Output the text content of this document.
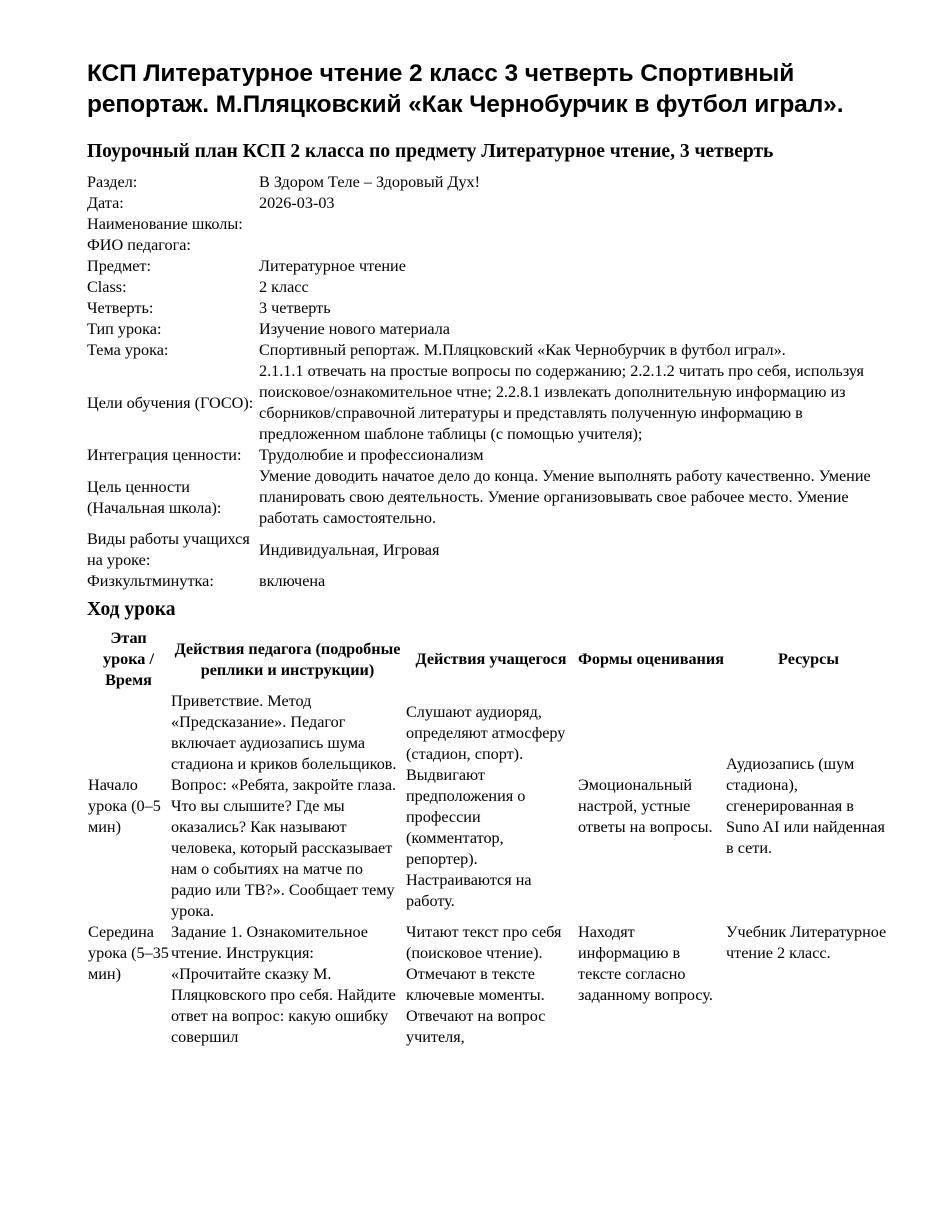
КСП Литературное чтение 2 класс 3 четверть Спортивный репортаж. М.Пляцковский «Как Чернобурчик в футбол играл».
Поурочный план КСП 2 класса по предмету Литературное чтение, 3 четверть
Раздел:	В Здором Теле – Здоровый Дух!
Дата:	2026-03-03
Наименование школы:	
ФИО педагога:	
Предмет:	Литературное чтение
Class:	2 класс
Четверть:	3 четверть
Тип урока:	Изучение нового материала
Тема урока:	Спортивный репортаж. М.Пляцковский «Как Чернобурчик в футбол играл».
Цели обучения (ГОСО):	2.1.1.1 отвечать на простые вопросы по содержанию; 2.2.1.2 читать про себя, используя поисковое/ознакомительное чтне; 2.2.8.1 извлекать дополнительную информацию из сборников/справочной литературы и представлять полученную информацию в предложенном шаблоне таблицы (с помощью учителя);
Интеграция ценности:	Трудолюбие и профессионализм
Цель ценности (Начальная школа):	Умение доводить начатое дело до конца. Умение выполнять работу качественно. Умение планировать свою деятельность. Умение организовывать свое рабочее место. Умение работать самостоятельно.
Виды работы учащихся на уроке:	Индивидуальная, Игровая
Физкультминутка:	включена
Ход урока
Этап урока / Время	Действия педагога (подробные реплики и инструкции)	Действия учащегося	Формы оценивания	Ресурсы
Начало урока (0–5 мин)	Приветствие. Метод «Предсказание». Педагог включает аудиозапись шума стадиона и криков болельщиков. Вопрос: «Ребята, закройте глаза. Что вы слышите? Где мы оказались? Как называют человека, который рассказывает нам о событиях на матче по радио или ТВ?». Сообщает тему урока.	Слушают аудиоряд, определяют атмосферу (стадион, спорт). Выдвигают предположения о профессии (комментатор, репортер). Настраиваются на работу.	Эмоциональный настрой, устные ответы на вопросы.	Аудиозапись (шум стадиона), сгенерированная в Suno AI или найденная в сети.
Середина урока (5–35 мин)	Задание 1. Ознакомительное чтение. Инструкция: «Прочитайте сказку М. Пляцковского про себя. Найдите ответ на вопрос: какую ошибку совершил	Читают текст про себя (поисковое чтение). Отмечают в тексте ключевые моменты. Отвечают на вопрос учителя,	Находят информацию в тексте согласно заданному вопросу.	Учебник Литературное чтение 2 класс.
